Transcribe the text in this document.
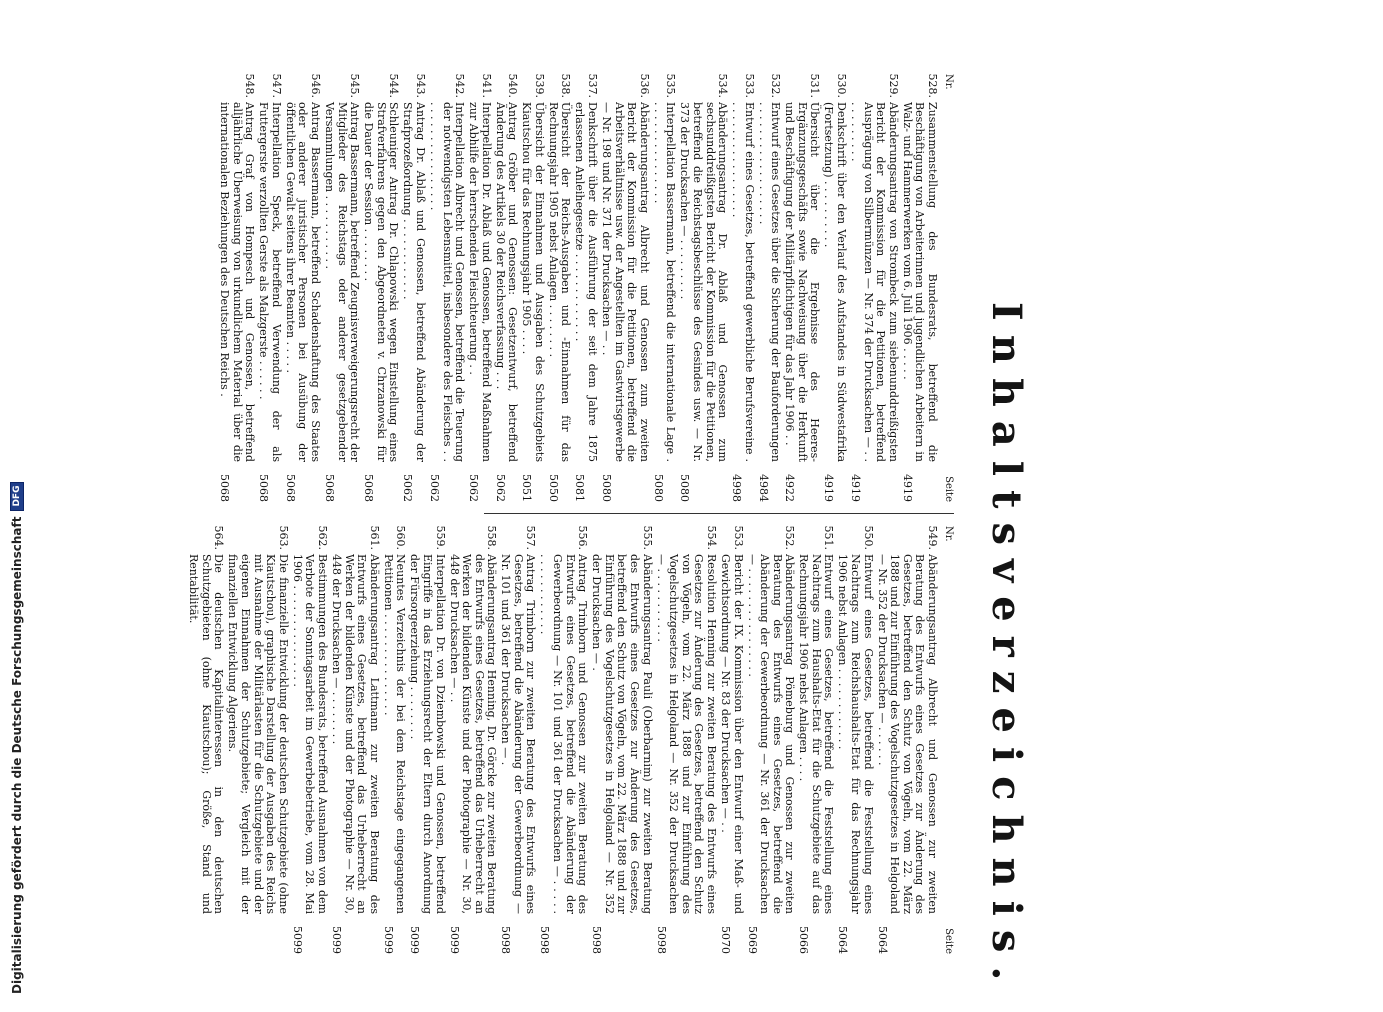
Inhaltsverzeichnis.
Nr.
Seite
528.
Zusammenstellung des Bundesrats, betreffend die Beschäftigung von Arbeiterinnen und jugendlichen Arbeitern in Walz- und Hammerwerken vom 6. Juli 1906 . . . . .
4919
529.
Abänderungsantrag von Strombeck zum siebenunddreißigsten Bericht der Kommission für die Petitionen, betreffend Ausprägung von Silbermünzen — Nr. 374 der Drucksachen — . . . . . . . . . . .
4919
530.
Denkschrift über den Verlauf des Aufstandes in Südwestafrika (Fortsetzung) . . . . . . . . . .
4919
531.
Übersicht über die Ergebnisse des Heeres-Ergänzungsgeschäfts sowie Nachweisung über die Herkunft und Beschäftigung der Militärpflichtigen für das Jahr 1906 . .
4922
532.
Entwurf eines Gesetzes über die Sicherung der Bauforderungen . . . . . . . . . . . . . . . . . .
4984
533.
Entwurf eines Gesetzes, betreffend gewerbliche Berufsvereine . . . . . . . . . . . . . . . . . .
4998
534.
Abänderungsantrag Dr. Ablaß und Genossen zum sechsunddreißigsten Bericht der Kommission für die Petitionen, betreffend die Reichstagsbeschlüsse des Gesindes usw. — Nr. 373 der Drucksachen — . . . . . . . . .
5080
535.
Interpellation Bassermann, betreffend die internationale Lage . . . . . . . . . . . . . . . .
5080
536.
Abänderungsantrag Albrecht und Genossen zum zweiten Bericht der Kommission für die Petitionen, betreffend die Arbeitsverhältnisse usw. der Angestellten im Gastwirtsgewerbe — Nr. 198 und Nr. 371 der Drucksachen — . .
5080
537.
Denkschrift über die Ausführung der seit dem Jahre 1875 erlassenen Anleihegesetze . . . . . . . . . . . . .
5081
538.
Übersicht der Reichs-Ausgaben und -Einnahmen für das Rechnungsjahr 1905 nebst Anlagen . . . . . . . .
5050
539.
Übersicht der Einnahmen und Ausgaben des Schutzgebiets Kiautschou für das Rechnungsjahr 1905 . . . .
5051
540.
Antrag Gröber und Genossen: Gesetzentwurf, betreffend Änderung des Artikels 30 der Reichsverfassung . . .
5062
541.
Interpellation Dr. Ablaß und Genossen, betreffend Maßnahmen zur Abhilfe der herrschenden Fleischteuerung . .
5062
542.
Interpellation Albrecht und Genossen, betreffend die Teuerung der notwendigsten Lebensmittel, insbesondere des Fleisches . . . . . . . . . . . . . . . . . .
5062
543.
Antrag Dr. Ablaß und Genossen, betreffend Abänderung der Strafprozeßordnung . . . . . . . . . . . .
5062
544.
Schleuniger Antrag Dr. Chlapowski wegen Einstellung eines Strafverfahrens gegen den Abgeordneten v. Chrzanowski für die Dauer der Session . . . . . . . .
5068
545.
Antrag Bassermann, betreffend Zeugnisverweigerungsrecht der Mitglieder des Reichstags oder anderer gesetzgebender Versammlungen . . . . . . . . . . .
5068
546.
Antrag Bassermann, betreffend Schadenshaftung des Staates oder anderer juristischer Personen bei Ausübung der öffentlichen Gewalt seitens ihrer Beamten . . . . .
5068
547.
Interpellation Speck, betreffend Verwendung der als Futtergerste verzollten Gerste als Malzgerste . . . . . .
5068
548.
Antrag Graf von Hompesch und Genossen, betreffend alljährliche Überweisung von urkundlichem Material über die internationalen Beziehungen des Deutschen Reichs .
5068
Nr.
Seite
549.
Abänderungsantrag Albrecht und Genossen zur zweiten Beratung des Entwurfs eines Gesetzes zur Änderung des Gesetzes, betreffend den Schutz von Vögeln, vom 22. März 1888 und zur Einführung des Vogelschutzgesetzes in Helgoland — Nr. 352 der Drucksachen — . . . . . .
5064
550.
Entwurf eines Gesetzes, betreffend die Feststellung eines Nachtrags zum Reichshaushalts-Etat für das Rechnungsjahr 1906 nebst Anlagen . . . . . . . . . . . .
5064
551.
Entwurf eines Gesetzes, betreffend die Feststellung eines Nachtrags zum Haushalts-Etat für die Schutzgebiete auf das Rechnungsjahr 1906 nebst Anlagen . . . .
5066
552.
Abänderungsantrag Pömeburg und Genossen zur zweiten Beratung des Entwurfs eines Gesetzes, betreffend die Abänderung der Gewerbeordnung — Nr. 361 der Drucksachen — . . . . . . . . . . . . . . . .
5069
553.
Bericht der IX. Kommission über den Entwurf einer Maß- und Gewichtsordnung — Nr. 83 der Drucksachen — . .
5070
554.
Resolution Henning zur zweiten Beratung des Entwurfs eines Gesetzes zur Änderung des Gesetzes, betreffend den Schutz von Vögeln, vom 22. März 1888 und zur Einführung des Vogelschutzgesetzes in Helgoland — Nr. 352 der Drucksachen — . . . . . . . . . . .
5098
555.
Abänderungsantrag Pauli (Oberbarnim) zur zweiten Beratung des Entwurfs eines Gesetzes zur Änderung des Gesetzes, betreffend den Schutz von Vögeln, vom 22. März 1888 und zur Einführung des Vogelschutzgesetzes in Helgoland — Nr. 352 der Drucksachen — .
5098
556.
Antrag Trimborn und Genossen zur zweiten Beratung des Entwurfs eines Gesetzes, betreffend die Abänderung der Gewerbeordnung — Nr. 101 und 361 der Drucksachen — . . . . . . . . . . . . . . . . .
5098
557.
Antrag Trimborn zur zweiten Beratung des Entwurfs eines Gesetzes, betreffend die Abänderung der Gewerbeordnung — Nr. 101 und 361 der Drucksachen — .
5098
558.
Abänderungsantrag Henning, Dr. Görcke zur zweiten Beratung des Entwurfs eines Gesetzes, betreffend das Urheberrecht an Werken der bildenden Künste und der Photographie — Nr. 30, 448 der Drucksachen — . .
5099
559.
Interpellation Dr. von Dziembowski und Genossen, betreffend Eingriffe in das Erziehungsrecht der Eltern durch Anordnung der Fürsorgeerziehung . . . . . . . .
5099
560.
Neuntes Verzeichnis der bei dem Reichstage eingegangenen Petitionen . . . . . . . . . . . . . . .
5099
561.
Abänderungsantrag Lattmann zur zweiten Beratung des Entwurfs eines Gesetzes, betreffend das Urheberrecht an Werken der bildenden Künste und der Photographie — Nr. 30, 448 der Drucksachen — . . . . . . . .
5099
562.
Bestimmungen des Bundesrats, betreffend Ausnahmen von dem Verbote der Sonntagsarbeit im Gewerbebetriebe, vom 28. Mai 1906 . . . . . . . . . . . . . . .
5099
563.
Die finanzielle Entwicklung der deutschen Schutzgebiete (ohne Kiautschou), graphische Darstellung der Ausgaben des Reichs mit Ausnahme der Militärlasten für die Schutzgebiete und der eigenen Einnahmen der Schutzgebiete; Vergleich mit der finanziellen Entwicklung Algeriens.
564.
Die deutschen Kapitalinteressen in den deutschen Schutzgebieten (ohne Kiautschou); Größe, Stand und Rentabilität.
Digitalisierung gefördert durch die Deutsche Forschungsgemeinschaft
DFG
